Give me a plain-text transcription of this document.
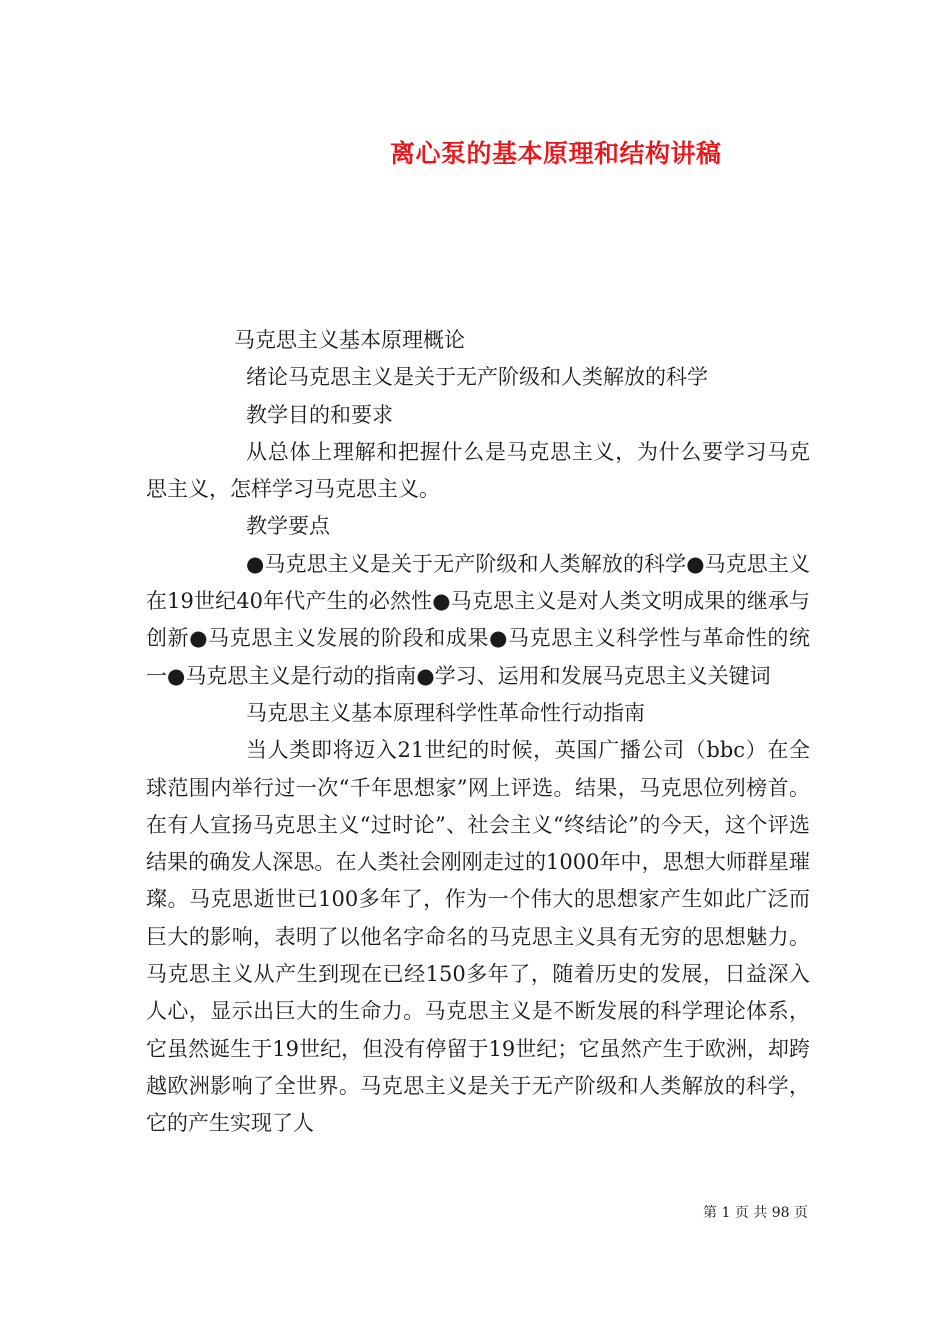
离心泵的基本原理和结构讲稿

马克思主义基本原理概论

绪论马克思主义是关于无产阶级和人类解放的科学

教学目的和要求

从总体上理解和把握什么是马克思主义，为什么要学习马克思主义，怎样学习马克思主义。

教学要点

●马克思主义是关于无产阶级和人类解放的科学●马克思主义在19世纪40年代产生的必然性●马克思主义是对人类文明成果的继承与创新●马克思主义发展的阶段和成果●马克思主义科学性与革命性的统一●马克思主义是行动的指南●学习、运用和发展马克思主义关键词

马克思主义基本原理科学性革命性行动指南

当人类即将迈入21世纪的时候，英国广播公司（bbc）在全球范围内举行过一次“千年思想家”网上评选。结果，马克思位列榜首。在有人宣扬马克思主义“过时论”、社会主义“终结论”的今天，这个评选结果的确发人深思。在人类社会刚刚走过的1000年中，思想大师群星璀璨。马克思逝世已100多年了，作为一个伟大的思想家产生如此广泛而巨大的影响，表明了以他名字命名的马克思主义具有无穷的思想魅力。马克思主义从产生到现在已经150多年了，随着历史的发展，日益深入人心，显示出巨大的生命力。马克思主义是不断发展的科学理论体系，它虽然诞生于19世纪，但没有停留于19世纪；它虽然产生于欧洲，却跨越欧洲影响了全世界。马克思主义是关于无产阶级和人类解放的科学，它的产生实现了人

第 1 页 共 98 页
